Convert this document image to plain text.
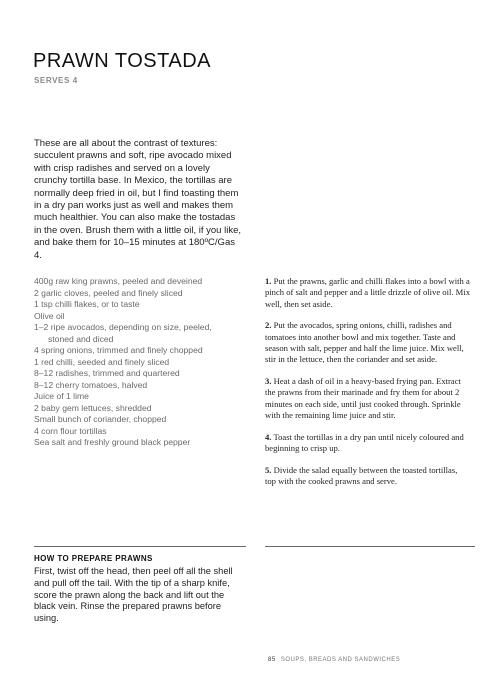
PRAWN TOSTADA
SERVES 4

These are all about the contrast of textures: succulent prawns and soft, ripe avocado mixed with crisp radishes and served on a lovely crunchy tortilla base. In Mexico, the tortillas are normally deep fried in oil, but I find toasting them in a dry pan works just as well and makes them much healthier. You can also make the tostadas in the oven. Brush them with a little oil, if you like, and bake them for 10–15 minutes at 180ºC/Gas 4.

400g raw king prawns, peeled and deveined
2 garlic cloves, peeled and finely sliced
1 tsp chilli flakes, or to taste
Olive oil
1–2 ripe avocados, depending on size, peeled,
stoned and diced
4 spring onions, trimmed and finely chopped
1 red chilli, seeded and finely sliced
8–12 radishes, trimmed and quartered
8–12 cherry tomatoes, halved
Juice of 1 lime
2 baby gem lettuces, shredded
Small bunch of coriander, chopped
4 corn flour tortillas
Sea salt and freshly ground black pepper
1. Put the prawns, garlic and chilli flakes into a bowl with a pinch of salt and pepper and a little drizzle of olive oil. Mix well, then set aside.
2. Put the avocados, spring onions, chilli, radishes and tomatoes into another bowl and mix together. Taste and season with salt, pepper and half the lime juice. Mix well, stir in the lettuce, then the coriander and set aside.
3. Heat a dash of oil in a heavy-based frying pan. Extract the prawns from their marinade and fry them for about 2 minutes on each side, until just cooked through. Sprinkle with the remaining lime juice and stir.
4. Toast the tortillas in a dry pan until nicely coloured and beginning to crisp up.
5. Divide the salad equally between the toasted tortillas, top with the cooked prawns and serve.
HOW TO PREPARE PRAWNS

First, twist off the head, then peel off all the shell and pull off the tail. With the tip of a sharp knife, score the prawn along the back and lift out the black vein. Rinse the prepared prawns before using.

85 SOUPS, BREADS AND SANDWICHES
